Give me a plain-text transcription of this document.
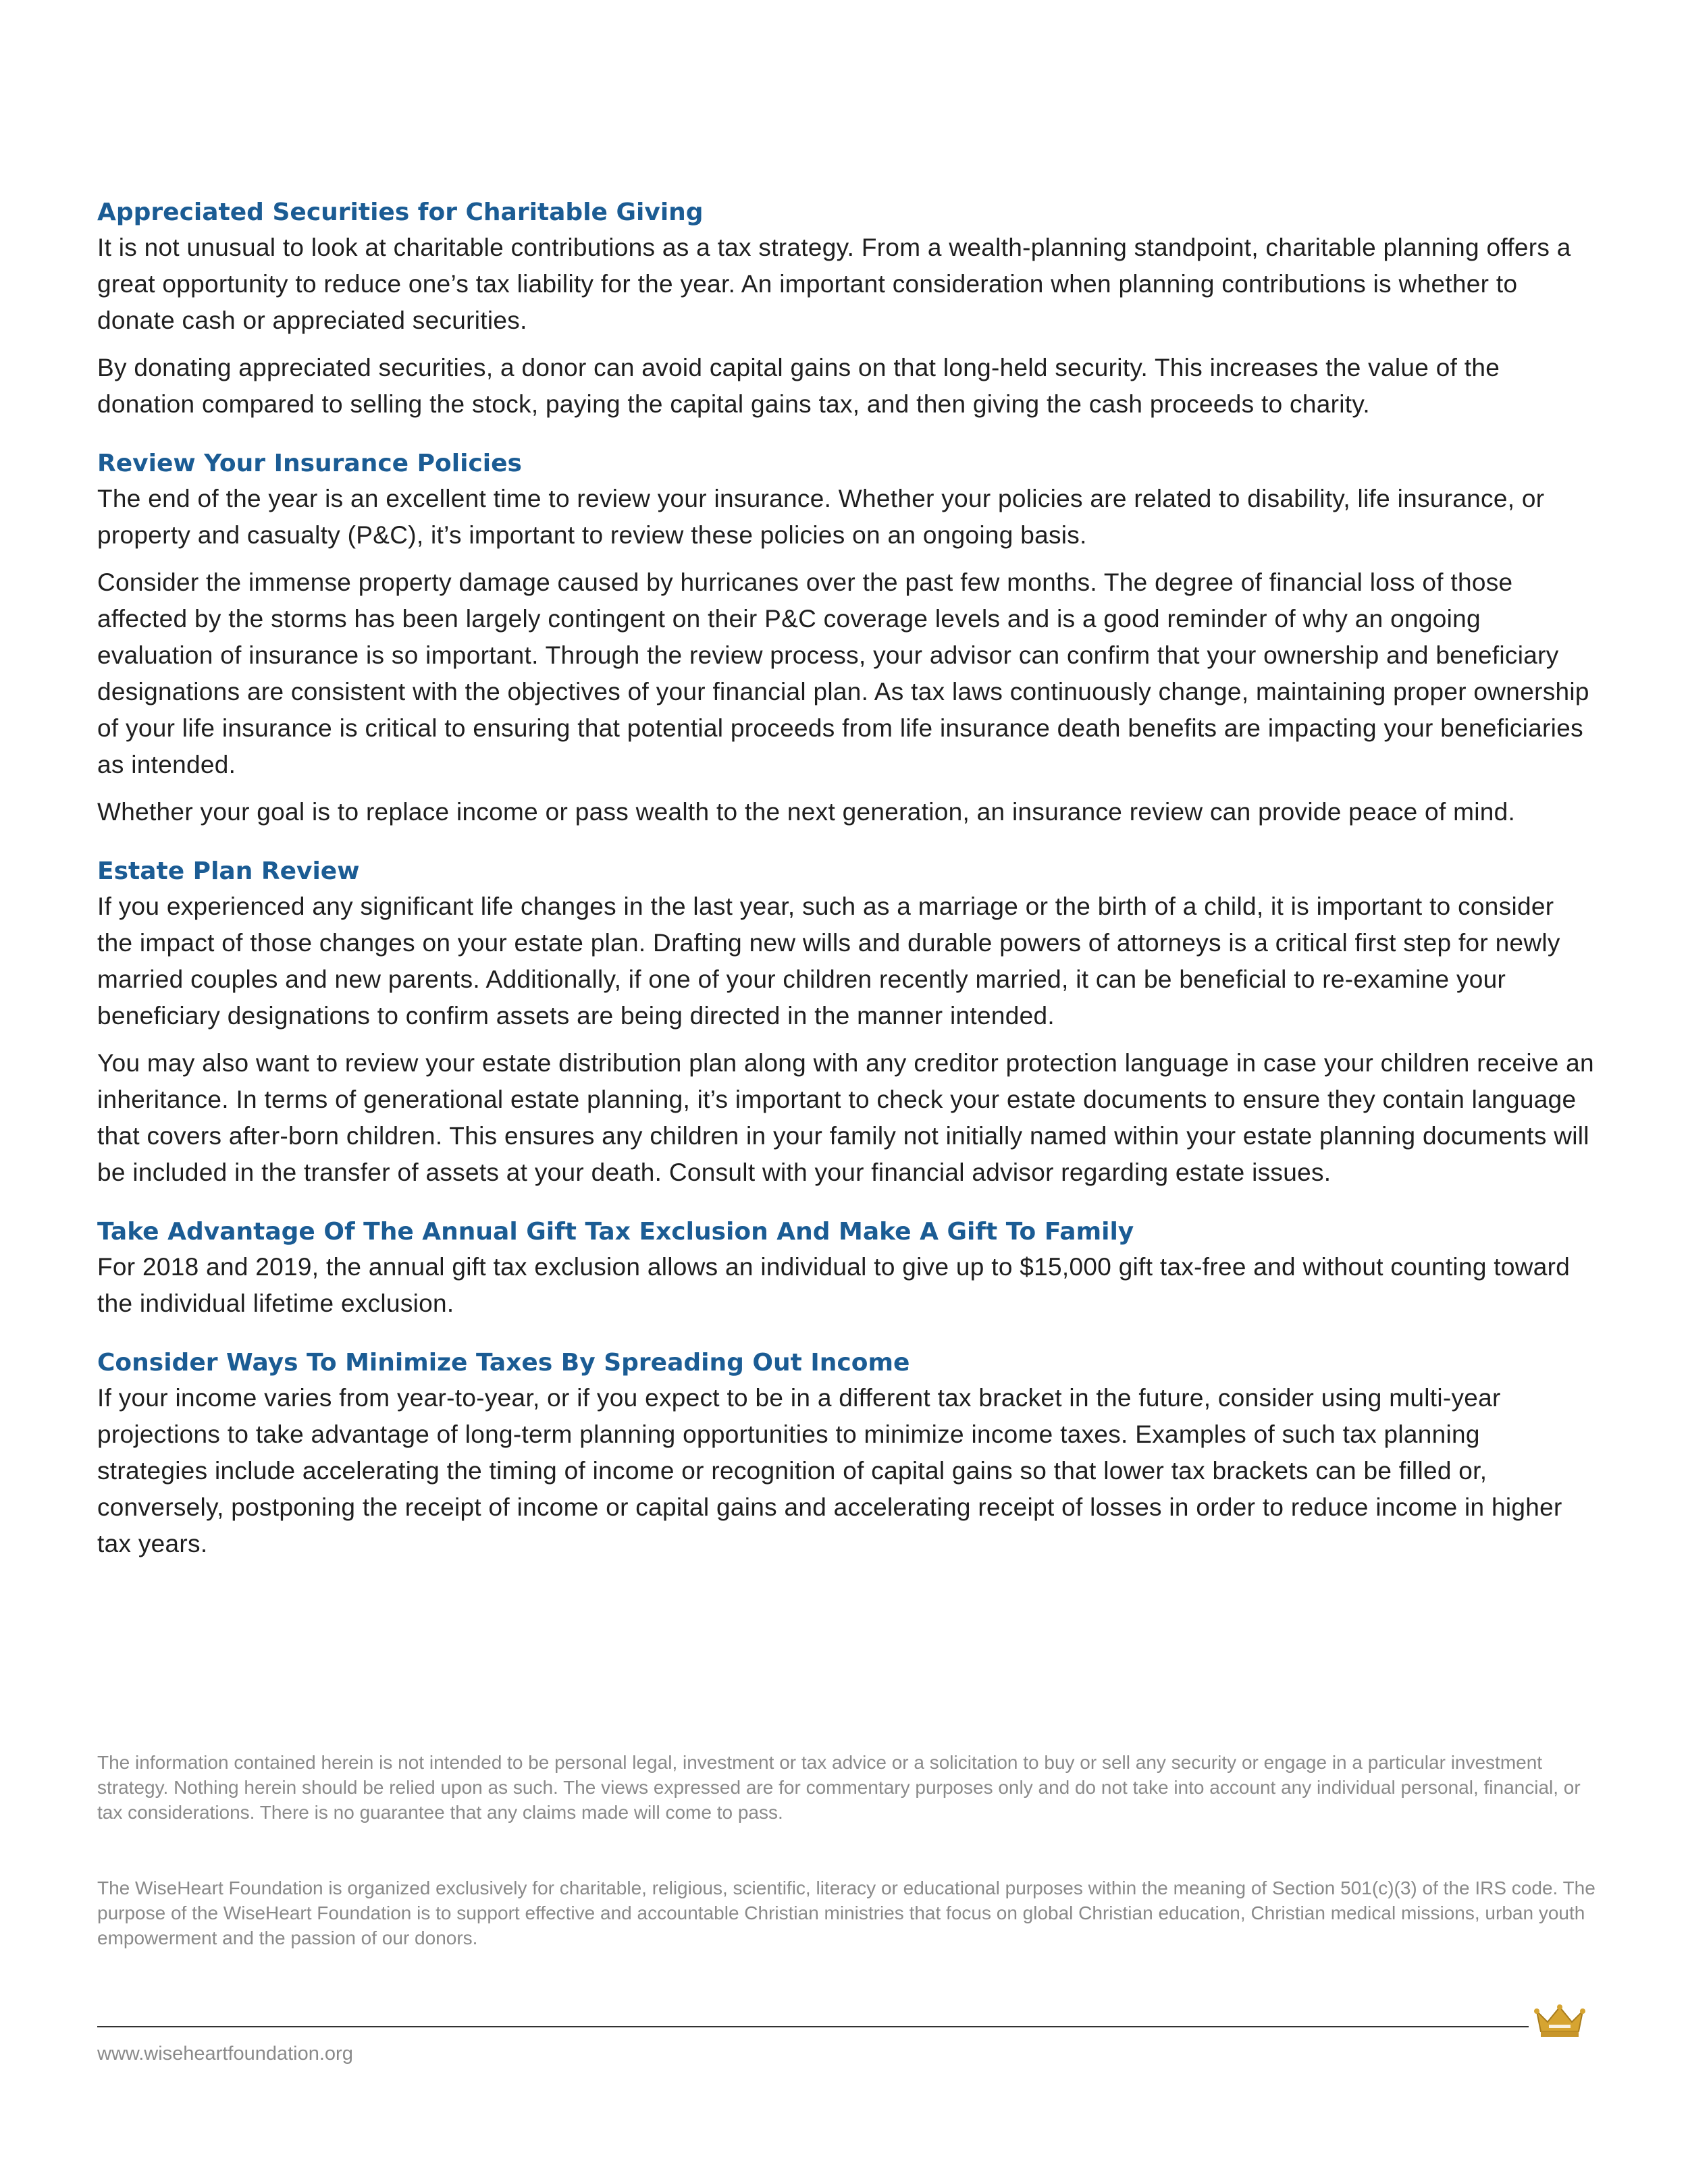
Appreciated Securities for Charitable Giving

It is not unusual to look at charitable contributions as a tax strategy. From a wealth-planning standpoint, charitable planning offers a great opportunity to reduce one’s tax liability for the year. An important consideration when planning contributions is whether to donate cash or appreciated securities.

By donating appreciated securities, a donor can avoid capital gains on that long-held security. This increases the value of the donation compared to selling the stock, paying the capital gains tax, and then giving the cash proceeds to charity.

Review Your Insurance Policies

The end of the year is an excellent time to review your insurance. Whether your policies are related to disability, life insurance, or property and casualty (P&C), it’s important to review these policies on an ongoing basis.

Consider the immense property damage caused by hurricanes over the past few months. The degree of financial loss of those affected by the storms has been largely contingent on their P&C coverage levels and is a good reminder of why an ongoing evaluation of insurance is so important. Through the review process, your advisor can confirm that your ownership and beneficiary designations are consistent with the objectives of your financial plan. As tax laws continuously change, maintaining proper ownership of your life insurance is critical to ensuring that potential proceeds from life insurance death benefits are impacting your beneficiaries as intended.

Whether your goal is to replace income or pass wealth to the next generation, an insurance review can provide peace of mind.

Estate Plan Review

If you experienced any significant life changes in the last year, such as a marriage or the birth of a child, it is important to consider the impact of those changes on your estate plan. Drafting new wills and durable powers of attorneys is a critical first step for newly married couples and new parents. Additionally, if one of your children recently married, it can be beneficial to re-examine your beneficiary designations to confirm assets are being directed in the manner intended.

You may also want to review your estate distribution plan along with any creditor protection language in case your children receive an inheritance. In terms of generational estate planning, it’s important to check your estate documents to ensure they contain language that covers after-born children. This ensures any children in your family not initially named within your estate planning documents will be included in the transfer of assets at your death. Consult with your financial advisor regarding estate issues.

Take Advantage Of The Annual Gift Tax Exclusion And Make A Gift To Family

For 2018 and 2019, the annual gift tax exclusion allows an individual to give up to $15,000 gift tax-free and without counting toward the individual lifetime exclusion.

Consider Ways To Minimize Taxes By Spreading Out Income

If your income varies from year-to-year, or if you expect to be in a different tax bracket in the future, consider using multi-year projections to take advantage of long-term planning opportunities to minimize income taxes. Examples of such tax planning strategies include accelerating the timing of income or recognition of capital gains so that lower tax brackets can be filled or, conversely, postponing the receipt of income or capital gains and accelerating receipt of losses in order to reduce income in higher tax years.

The information contained herein is not intended to be personal legal, investment or tax advice or a solicitation to buy or sell any security or engage in a particular investment strategy. Nothing herein should be relied upon as such. The views expressed are for commentary purposes only and do not take into account any individual personal, financial, or tax considerations. There is no guarantee that any claims made will come to pass.

The WiseHeart Foundation is organized exclusively for charitable, religious, scientific, literacy or educational purposes within the meaning of Section 501(c)(3) of the IRS code. The purpose of the WiseHeart Foundation is to support effective and accountable Christian ministries that focus on global Christian education, Christian medical missions, urban youth empowerment and the passion of our donors.

www.wiseheartfoundation.org
